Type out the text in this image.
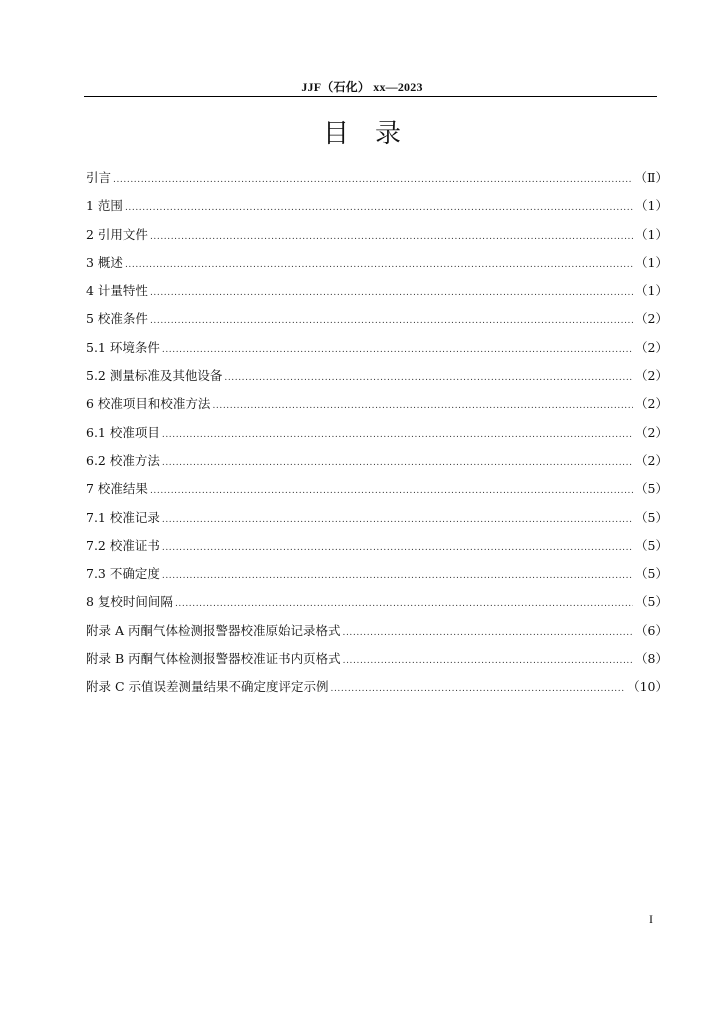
JJF（石化） xx—2023
目　录
引言 .....	（Ⅱ）
1 范围 .....	（1）
2 引用文件 .....	（1）
3 概述 .....	（1）
4 计量特性 .....	（1）
5 校准条件 .....	（2）
5.1 环境条件 .....	（2）
5.2 测量标准及其他设备 .....	（2）
6 校准项目和校准方法 .....	（2）
6.1 校准项目 .....	（2）
6.2 校准方法 .....	（2）
7 校准结果 .....	（5）
7.1 校准记录 .....	（5）
7.2 校准证书 .....	（5）
7.3 不确定度 .....	（5）
8 复校时间间隔 .....	（5）
附录 A 丙酮气体检测报警器校准原始记录格式 .....	（6）
附录 B 丙酮气体检测报警器校准证书内页格式 .....	（8）
附录 C 示值误差测量结果不确定度评定示例 .....	（10）
I
